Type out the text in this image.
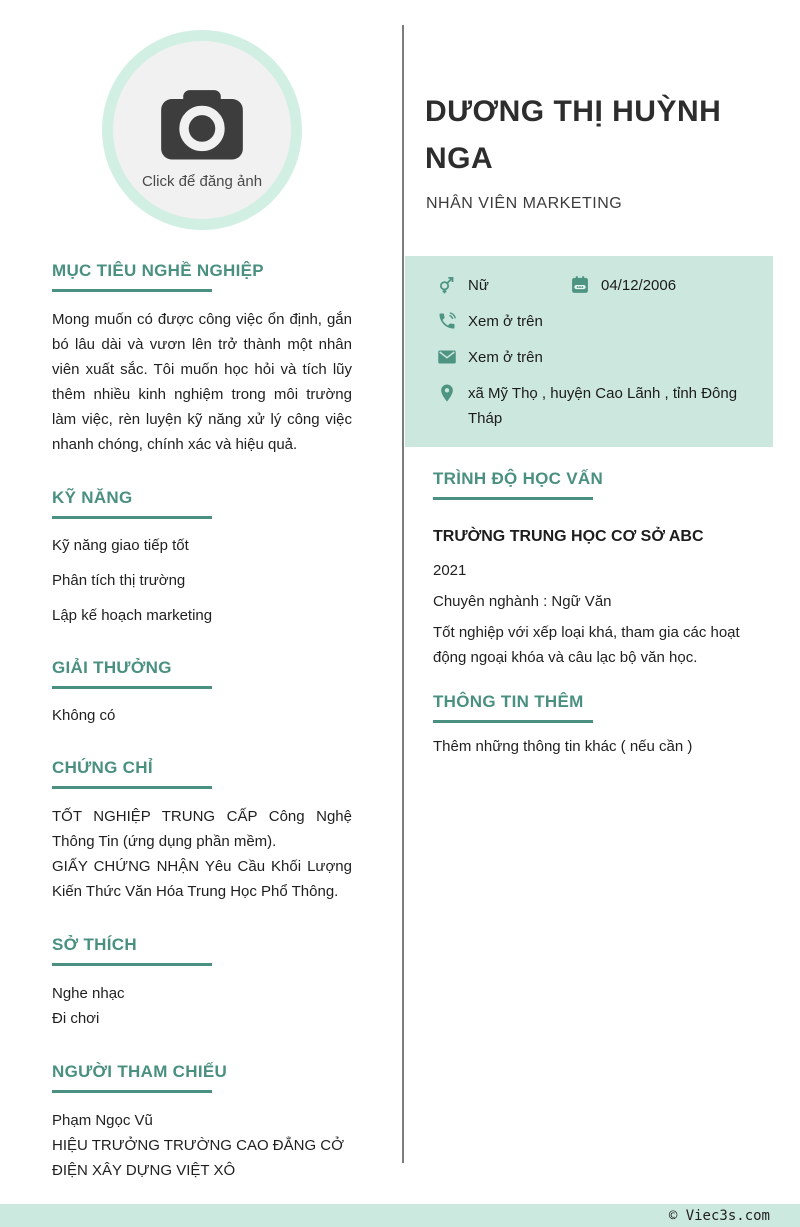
Click để đăng ảnh
MỤC TIÊU NGHỀ NGHIỆP
Mong muốn có được công việc ổn định, gắn bó lâu dài và vươn lên trở thành một nhân viên xuất sắc. Tôi muốn học hỏi và tích lũy thêm nhiều kinh nghiệm trong môi trường làm việc, rèn luyện kỹ năng xử lý công việc nhanh chóng, chính xác và hiệu quả.
KỸ NĂNG
Kỹ năng giao tiếp tốt
Phân tích thị trường
Lập kế hoạch marketing
GIẢI THƯỞNG
Không có
CHỨNG CHỈ
TỐT NGHIỆP TRUNG CẤP Công Nghệ Thông Tin (ứng dụng phần mềm).
GIẤY CHỨNG NHẬN Yêu Cầu Khối Lượng Kiến Thức Văn Hóa Trung Học Phổ Thông.
SỞ THÍCH
Nghe nhạc
Đi chơi
NGƯỜI THAM CHIẾU
Phạm Ngọc Vũ
HIỆU TRƯỞNG TRƯỜNG CAO ĐẲNG CỞ ĐIỆN XÂY DỰNG VIỆT XÔ
DƯƠNG THỊ HUỲNH NGA
NHÂN VIÊN MARKETING
Nữ	04/12/2006
Xem ở trên
Xem ở trên
xã Mỹ Thọ , huyện Cao Lãnh , tỉnh Đông Tháp
TRÌNH ĐỘ HỌC VẤN
TRƯỜNG TRUNG HỌC CƠ SỞ ABC
2021
Chuyên nghành : Ngữ Văn
Tốt nghiệp với xếp loại khá, tham gia các hoạt động ngoại khóa và câu lạc bộ văn học.
THÔNG TIN THÊM
Thêm những thông tin khác ( nếu cần )
© Viec3s.com
